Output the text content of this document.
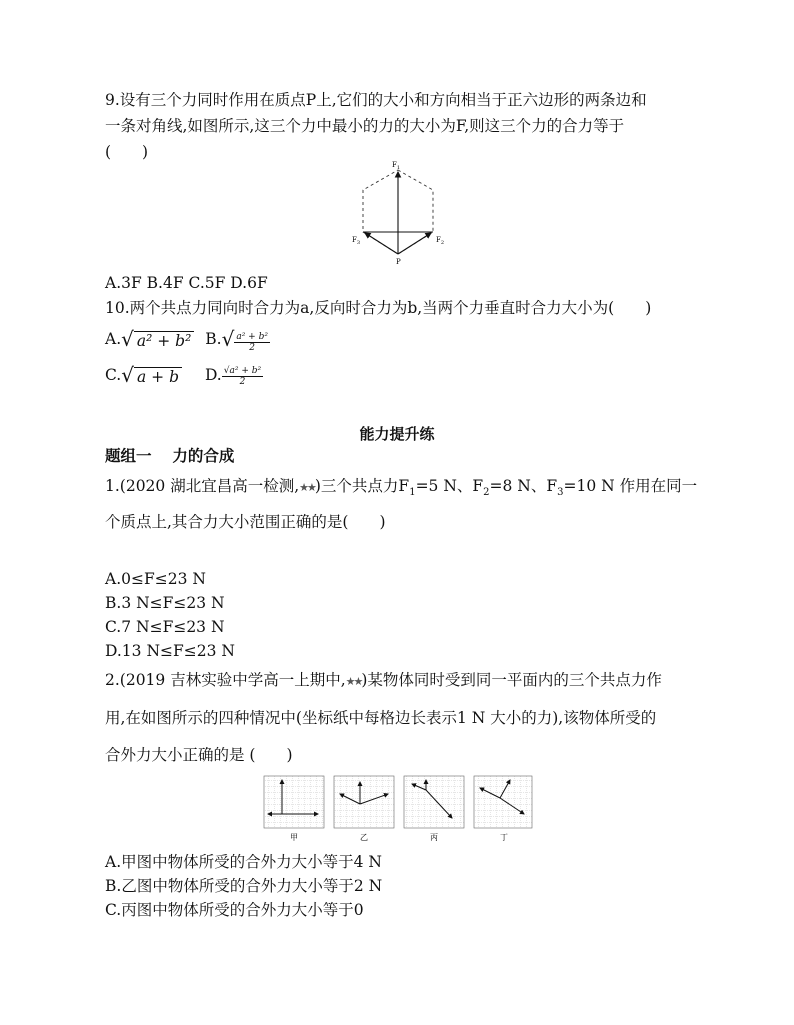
9.设有三个力同时作用在质点P上,它们的大小和方向相当于正六边形的两条边和
一条对角线,如图所示,这三个力中最小的力的大小为F,则这三个力的合力等于
(　　)
$F_1$
$F_3$	$F_2$
P
A.3F B.4F C.5F D.6F
10.两个共点力同向时合力为a,反向时合力为b,当两个力垂直时合力大小为(　　)
A.√ a² + b² $B.√ \frac{\text{a² + b²}}{2}$
C.√ a + b D. $\frac{\text{√a² + b²}}{2}$
能力提升练
题组一　 力的合成
1.(2020 湖北宜昌高一检测,★★)三个共点力$F_1=5$ N、$F_2=8$ N、$F_3=10$ N 作用在同一
个质点上,其合力大小范围正确的是(　　)
A.0≤F≤23 N
B.3 N≤F≤23 N
C.7 N≤F≤23 N
D.13 N≤F≤23 N
2.(2019 吉林实验中学高一上期中,★★)某物体同时受到同一平面内的三个共点力作
用,在如图所示的四种情况中(坐标纸中每格边长表示1 N 大小的力),该物体所受的
合外力大小正确的是 (　　)
甲	乙	丙	丁
A.甲图中物体所受的合外力大小等于4 N
B.乙图中物体所受的合外力大小等于2 N
C.丙图中物体所受的合外力大小等于0
